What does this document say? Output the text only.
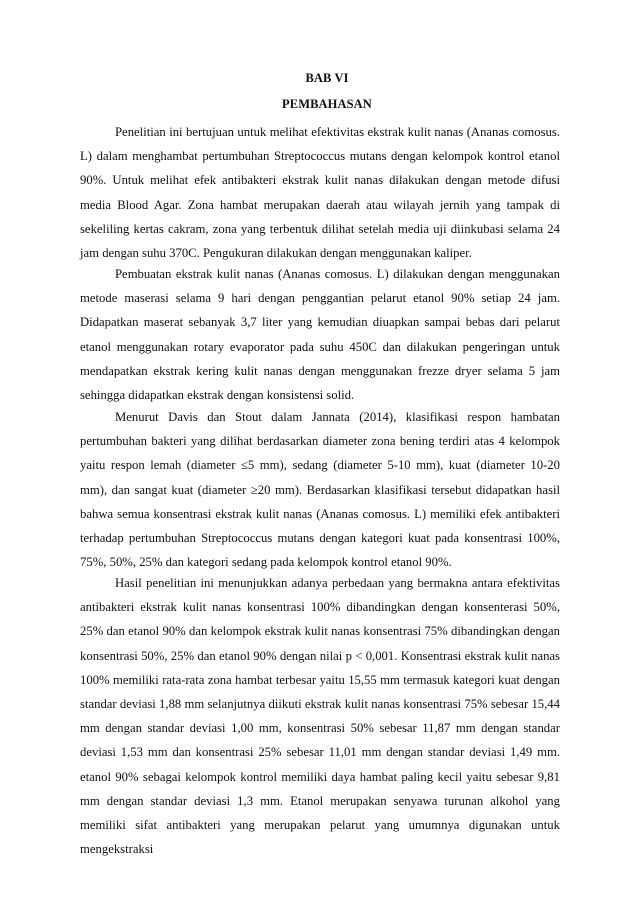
BAB VI
PEMBAHASAN

Penelitian ini bertujuan untuk melihat efektivitas ekstrak kulit nanas (Ananas comosus. L) dalam menghambat pertumbuhan Streptococcus mutans dengan kelompok kontrol etanol 90%. Untuk melihat efek antibakteri ekstrak kulit nanas dilakukan dengan metode difusi media Blood Agar. Zona hambat merupakan daerah atau wilayah jernih yang tampak di sekeliling kertas cakram, zona yang terbentuk dilihat setelah media uji diinkubasi selama 24 jam dengan suhu 370C. Pengukuran dilakukan dengan menggunakan kaliper.

Pembuatan ekstrak kulit nanas (Ananas comosus. L) dilakukan dengan menggunakan metode maserasi selama 9 hari dengan penggantian pelarut etanol 90% setiap 24 jam. Didapatkan maserat sebanyak 3,7 liter yang kemudian diuapkan sampai bebas dari pelarut etanol menggunakan rotary evaporator pada suhu 450C dan dilakukan pengeringan untuk mendapatkan ekstrak kering kulit nanas dengan menggunakan frezze dryer selama 5 jam sehingga didapatkan ekstrak dengan konsistensi solid.

Menurut Davis dan Stout dalam Jannata (2014), klasifikasi respon hambatan pertumbuhan bakteri yang dilihat berdasarkan diameter zona bening terdiri atas 4 kelompok yaitu respon lemah (diameter ≤5 mm), sedang (diameter 5-10 mm), kuat (diameter 10-20 mm), dan sangat kuat (diameter ≥20 mm). Berdasarkan klasifikasi tersebut didapatkan hasil bahwa semua konsentrasi ekstrak kulit nanas (Ananas comosus. L) memiliki efek antibakteri terhadap pertumbuhan Streptococcus mutans dengan kategori kuat pada konsentrasi 100%, 75%, 50%, 25% dan kategori sedang pada kelompok kontrol etanol 90%.

Hasil penelitian ini menunjukkan adanya perbedaan yang bermakna antara efektivitas antibakteri ekstrak kulit nanas konsentrasi 100% dibandingkan dengan konsenterasi 50%, 25% dan etanol 90% dan kelompok ekstrak kulit nanas konsentrasi 75% dibandingkan dengan konsentrasi 50%, 25% dan etanol 90% dengan nilai p < 0,001. Konsentrasi ekstrak kulit nanas 100% memiliki rata-rata zona hambat terbesar yaitu 15,55 mm termasuk kategori kuat dengan standar deviasi 1,88 mm selanjutnya diikuti ekstrak kulit nanas konsentrasi 75% sebesar 15,44 mm dengan standar deviasi 1,00 mm, konsentrasi 50% sebesar 11,87 mm dengan standar deviasi 1,53 mm dan konsentrasi 25% sebesar 11,01 mm dengan standar deviasi 1,49 mm. etanol 90% sebagai kelompok kontrol memiliki daya hambat paling kecil yaitu sebesar 9,81 mm dengan standar deviasi 1,3 mm. Etanol merupakan senyawa turunan alkohol yang memiliki sifat antibakteri yang merupakan pelarut yang umumnya digunakan untuk mengekstraksi
